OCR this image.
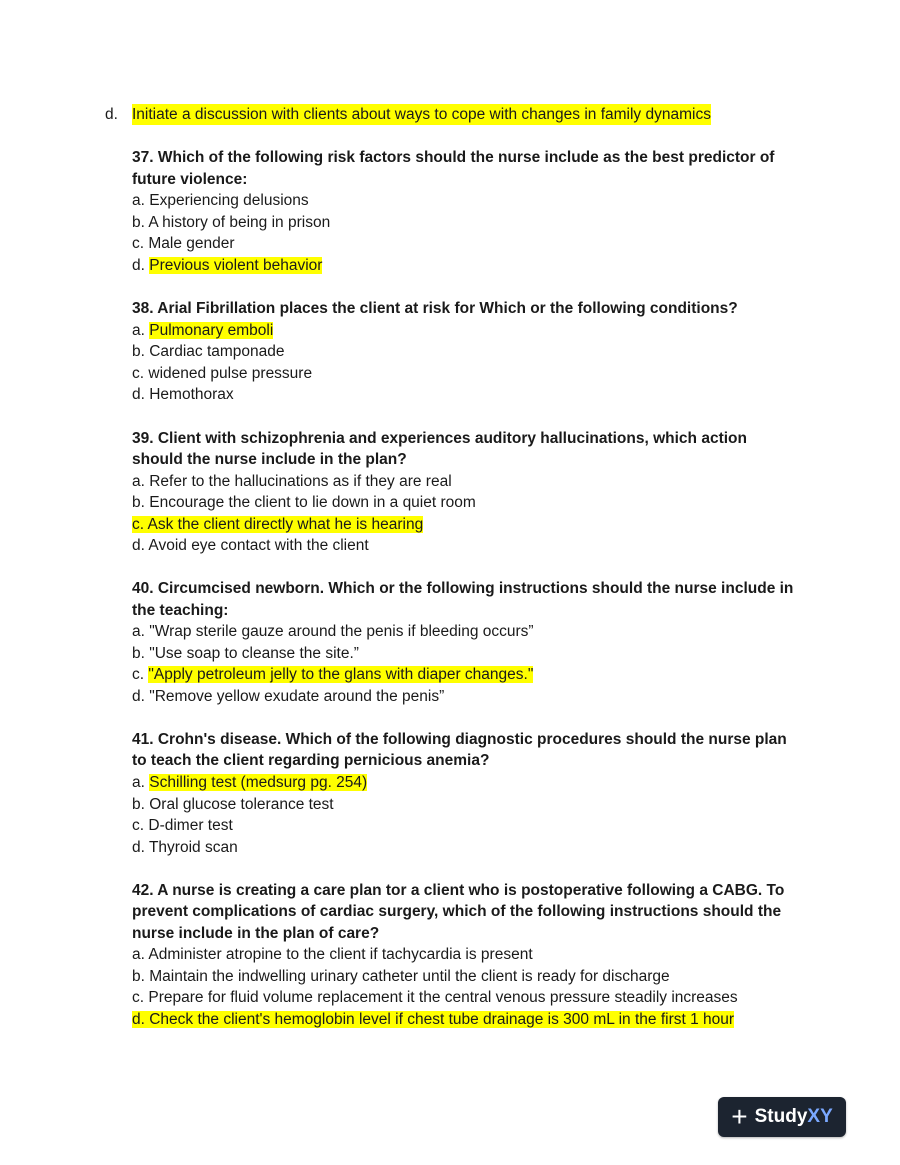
d. Initiate a discussion with clients about ways to cope with changes in family dynamics
37. Which of the following risk factors should the nurse include as the best predictor of
future violence:
a. Experiencing delusions
b. A history of being in prison
c. Male gender
d. Previous violent behavior
38. Arial Fibrillation places the client at risk for Which or the following conditions?
a. Pulmonary emboli
b. Cardiac tamponade
c. widened pulse pressure
d. Hemothorax
39. Client with schizophrenia and experiences auditory hallucinations, which action
should the nurse include in the plan?
a. Refer to the hallucinations as if they are real
b. Encourage the client to lie down in a quiet room
c. Ask the client directly what he is hearing
d. Avoid eye contact with the client
40. Circumcised newborn. Which or the following instructions should the nurse include in
the teaching:
a. "Wrap sterile gauze around the penis if bleeding occurs”
b. "Use soap to cleanse the site.”
c. "Apply petroleum jelly to the glans with diaper changes."
d. "Remove yellow exudate around the penis”
41. Crohn's disease. Which of the following diagnostic procedures should the nurse plan
to teach the client regarding pernicious anemia?
a. Schilling test (medsurg pg. 254)
b. Oral glucose tolerance test
c. D-dimer test
d. Thyroid scan
42. A nurse is creating a care plan tor a client who is postoperative following a CABG. To
prevent complications of cardiac surgery, which of the following instructions should the
nurse include in the plan of care?
a. Administer atropine to the client if tachycardia is present
b. Maintain the indwelling urinary catheter until the client is ready for discharge
c. Prepare for fluid volume replacement it the central venous pressure steadily increases
d. Check the client's hemoglobin level if chest tube drainage is 300 mL in the first 1 hour
+ StudyXY
